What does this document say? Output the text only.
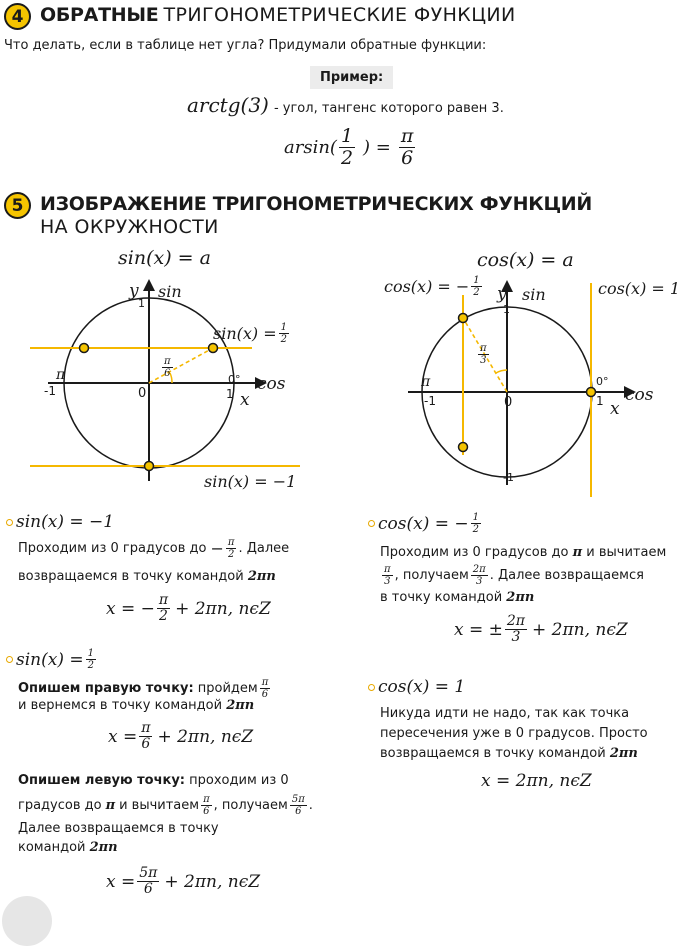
4 ОБРАТНЫЕ ТРИГОНОМЕТРИЧЕСКИЕ ФУНКЦИИ
Что делать, если в таблице нет угла? Придумали обратные функции:
Пример:
arctg(3) - угол, тангенс которого равен 3.
$arsin( \frac{1}{2}$ ) = $\frac{\pi}{6}$
5 ИЗОБРАЖЕНИЕ ТРИГОНОМЕТРИЧЕСКИХ ФУНКЦИЙ
НА ОКРУЖНОСТИ
sin(x) = a
y sin
1
π
-1	0
0°
1 cos
x
$\frac{\pi}{6}$
$\sin(x) = \frac{1}{2}$
sin(x) = −1
cos(x) = a
cos(x) = − $\frac{1}{2}$	cos(x) = 1
y sin
1
$\frac{\pi}{3}$
π
-1	0
0°
1 cos
x
-1
sin(x) = −1
Проходим из 0 градусов до − $\frac{\pi}{2}$ . Далее
возвращаемся в точку командой 2πn
x = − $\frac{\pi}{2} + 2\pi n$, nϵZ
$\sin(x) = \frac{1}{2}$
Опишем правую точку: пройдем $\frac{\pi}{6}$
и вернемся в точку командой 2πn
$x = \frac{\pi}{6} + 2\pi n$, nϵZ
Опишем левую точку: проходим из 0
градусов до π и вычитаем $\frac{\pi}{6}$ , получаем $\frac{5\pi}{6}$ .
Далее возвращаемся в точку
командой 2πn
$x = \frac{5\pi}{6} + 2\pi n$, nϵZ
cos(x) = − $\frac{1}{2}$
Проходим из 0 градусов до π и вычитаем
$\frac{\pi}{3}$ , получаем $\frac{2\pi}{3}$ . Далее возвращаемся
в точку командой 2πn
x = ± $\frac{2\pi}{3} + 2\pi n$, nϵZ
cos(x) = 1
Никуда идти не надо, так как точка
пересечения уже в 0 градусов. Просто
возвращаемся в точку командой 2πn
x = 2πn, nϵZ
